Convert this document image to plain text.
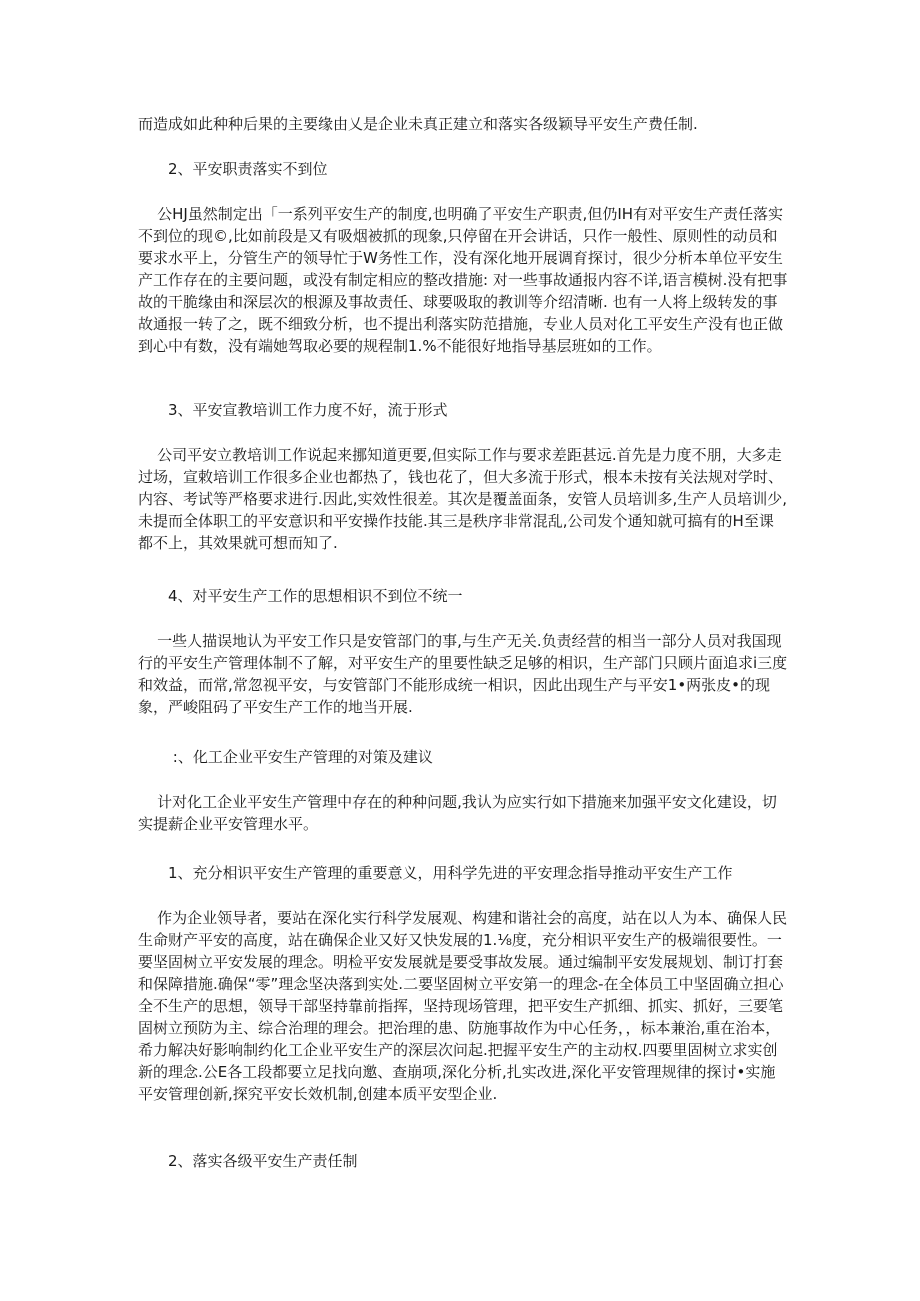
而造成如此种种后果的主要缘由乂是企业未真正建立和落实各级颖导平安生产费任制.

2、平安职责落实不到位

公HJ虽然制定出「一系列平安生产的制度,也明确了平安生产职责,但仍IH有对平安生产责任落实不到位的现©,比如前段是又有吸烟被抓的现象,只停留在开会讲话，只作一般性、原则性的动员和要求水平上，分管生产的领导忙于W务性工作，没有深化地开展调育探讨，很少分析本单位平安生产工作存在的主要问题，或没有制定相应的整改措施: 对一些事故通报内容不详,语言模树.没有把事故的干脆缘由和深层次的根源及事故责任、球要吸取的教训等介绍清晰. 也有一人将上级转发的事故通报一转了之，既不细致分析，也不提出利落实防范措施，专业人员对化工平安生产没有也正做到心中有数，没有端她驾取必要的规程制1.%不能很好地指导基层班如的工作。

3、平安宣教培训工作力度不好，流于形式

公司平安立教培训工作说起来挪知道更要,但实际工作与要求差距甚远.首先是力度不朋，大多走过场，宣敕培训工作很多企业也都热了，钱也花了，但大多流于形式，根本未按有关法规对学时、内容、考试等严格要求进行.因此,实效性很差。其次是覆盖面条，安管人员培训多,生产人员培训少,未提而全体职工的平安意识和平安操作技能.其三是秩序非常混乱,公司发个通知就可搞有的H至课都不上，其效果就可想而知了.

4、对平安生产工作的思想相识不到位不统一

一些人描误地认为平安工作只是安管部门的事,与生产无关.负责经营的相当一部分人员对我国现行的平安生产管理体制不了解，对平安生产的里要性缺乏足够的相识，生产部门只顾片面追求i三度和效益，而常,常忽视平安，与安管部门不能形成统一相识，因此出现生产与平安1•两张皮•的现象，严峻阻码了平安生产工作的地当开展.

:、化工企业平安生产管理的对策及建议

计对化工企业平安生产管理中存在的种种问题,我认为应实行如下措施来加强平安文化建设，切实提薪企业平安管理水平。

1、充分相识平安生产管理的重要意义，用科学先进的平安理念指导推动平安生产工作

作为企业领导者，要站在深化实行科学发展观、构建和谐社会的高度，站在以人为本、确保人民生命财产平安的高度，站在确保企业又好又快发展的1.⅛度，充分相识平安生产的极端很要性。一要坚固树立平安发展的理念。明检平安发展就是要受事故发展。通过编制平安发展规划、制订打套和保障措施.确保“零”理念坚决落到实处.二要坚固树立平安第一的理念-在全体员工中坚固确立担心全不生产的思想，领导干部坚持靠前指挥，坚持现场管理，把平安生产抓细、抓实、抓好，三要笔固树立预防为主、综合治理的理会。把治理的患、防施事故作为中心任务，，标本兼治,重在治本，希力解决好影响制约化工企业平安生产的深层次问起.把握平安生产的主动权.四要里固树立求实创新的理念.公E各工段都要立足找向邀、查崩项,深化分析,扎实改进,深化平安管理规律的探讨•实施平安管理创新,探究平安长效机制,创建本质平安型企业.

2、落实各级平安生产责任制
